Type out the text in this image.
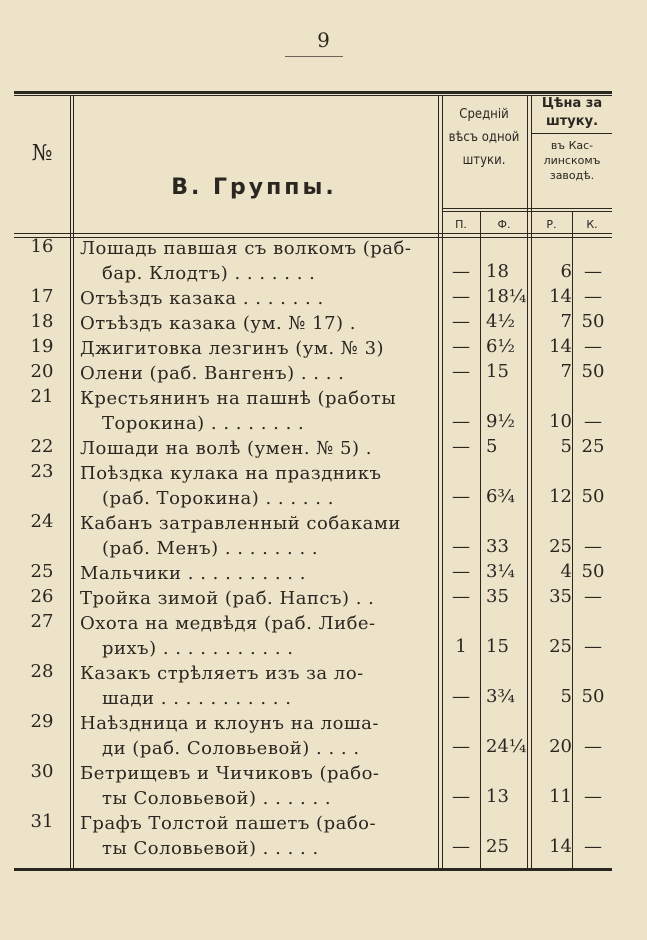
9
№
В. Группы.
Средній
вѣсъ одной
штуки.
Цѣна за
штуку.
въ Кас-
линскомъ
заводѣ.
П.	Ф.	Р.	К.
16	Лошадь павшая съ волкомъ (раб-
бар. Клодтъ) . . . . . . .	— 18	6 —
17	Отъѣздъ казака . . . . . . .	— 18¼	14 —
18	Отъѣздъ казака (ум. № 17) .	— 4½	7 50
19	Джигитовка лезгинъ (ум. № 3)	— 6½	14 —
20	Олени (раб. Вангенъ) . . . .	— 15	7 50
21	Крестьянинъ на пашнѣ (работы
Торокина) . . . . . . . .	— 9½	10 —
22	Лошади на волѣ (умен. № 5) .	— 5	5 25
23	Поѣздка кулака на праздникъ
(раб. Торокина) . . . . . .	— 6¾	12 50
24	Кабанъ затравленный собаками
(раб. Менъ) . . . . . . . .	— 33	25 —
25	Мальчики . . . . . . . . . .	— 3¼	4 50
26	Тройка зимой (раб. Напсъ) . .	— 35	35 —
27	Охота на медвѣдя (раб. Либе-
рихъ) . . . . . . . . . . .	1	15	25 —
28	Казакъ стрѣляетъ изъ за ло-
шади . . . . . . . . . . .	— 3¾	5 50
29	Наѣздница и клоунъ на лоша-
ди (раб. Соловьевой) . . . .	— 24¼	20 —
30	Бетрищевъ и Чичиковъ (рабо-
ты Соловьевой) . . . . . .	— 13	11 —
31	Графъ Толстой пашетъ (рабо-
ты Соловьевой) . . . . .	— 25	14 —
